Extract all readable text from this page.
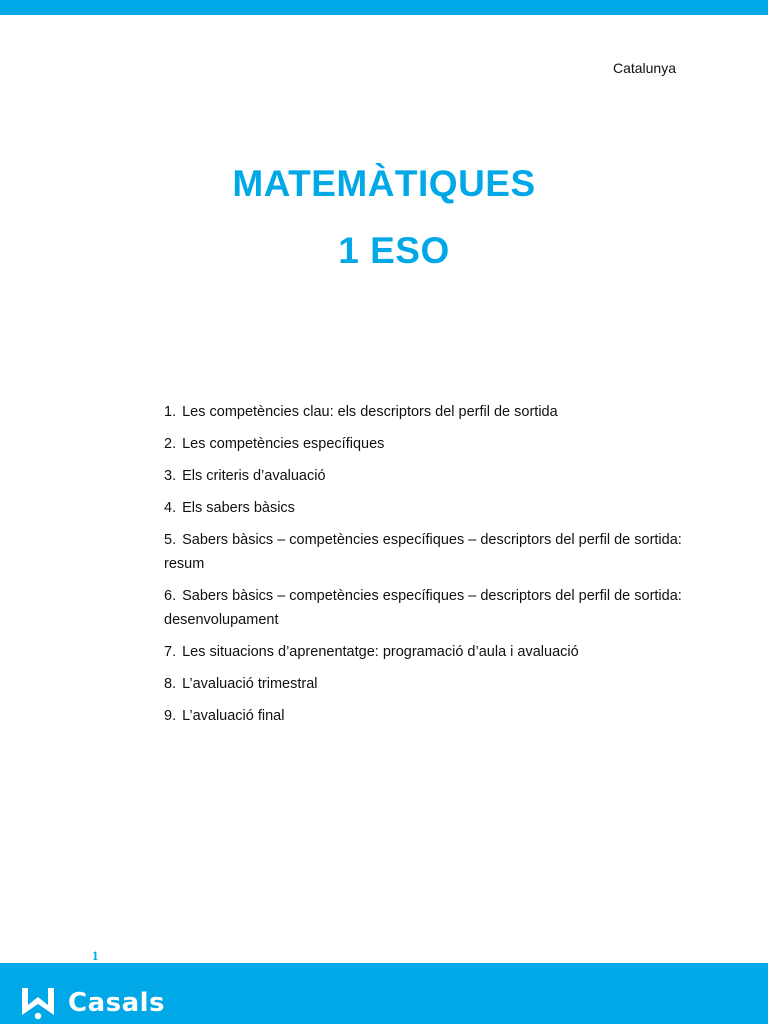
Catalunya
MATEMÀTIQUES
1 ESO
1. Les competències clau: els descriptors del perfil de sortida
2. Les competències específiques
3. Els criteris d’avaluació
4. Els sabers bàsics
5. Sabers bàsics – competències específiques – descriptors del perfil de sortida: resum
6. Sabers bàsics – competències específiques – descriptors del perfil de sortida: desenvolupament
7. Les situacions d’aprenentatge: programació d’aula i avaluació
8. L’avaluació trimestral
9. L’avaluació final
1
Casals
